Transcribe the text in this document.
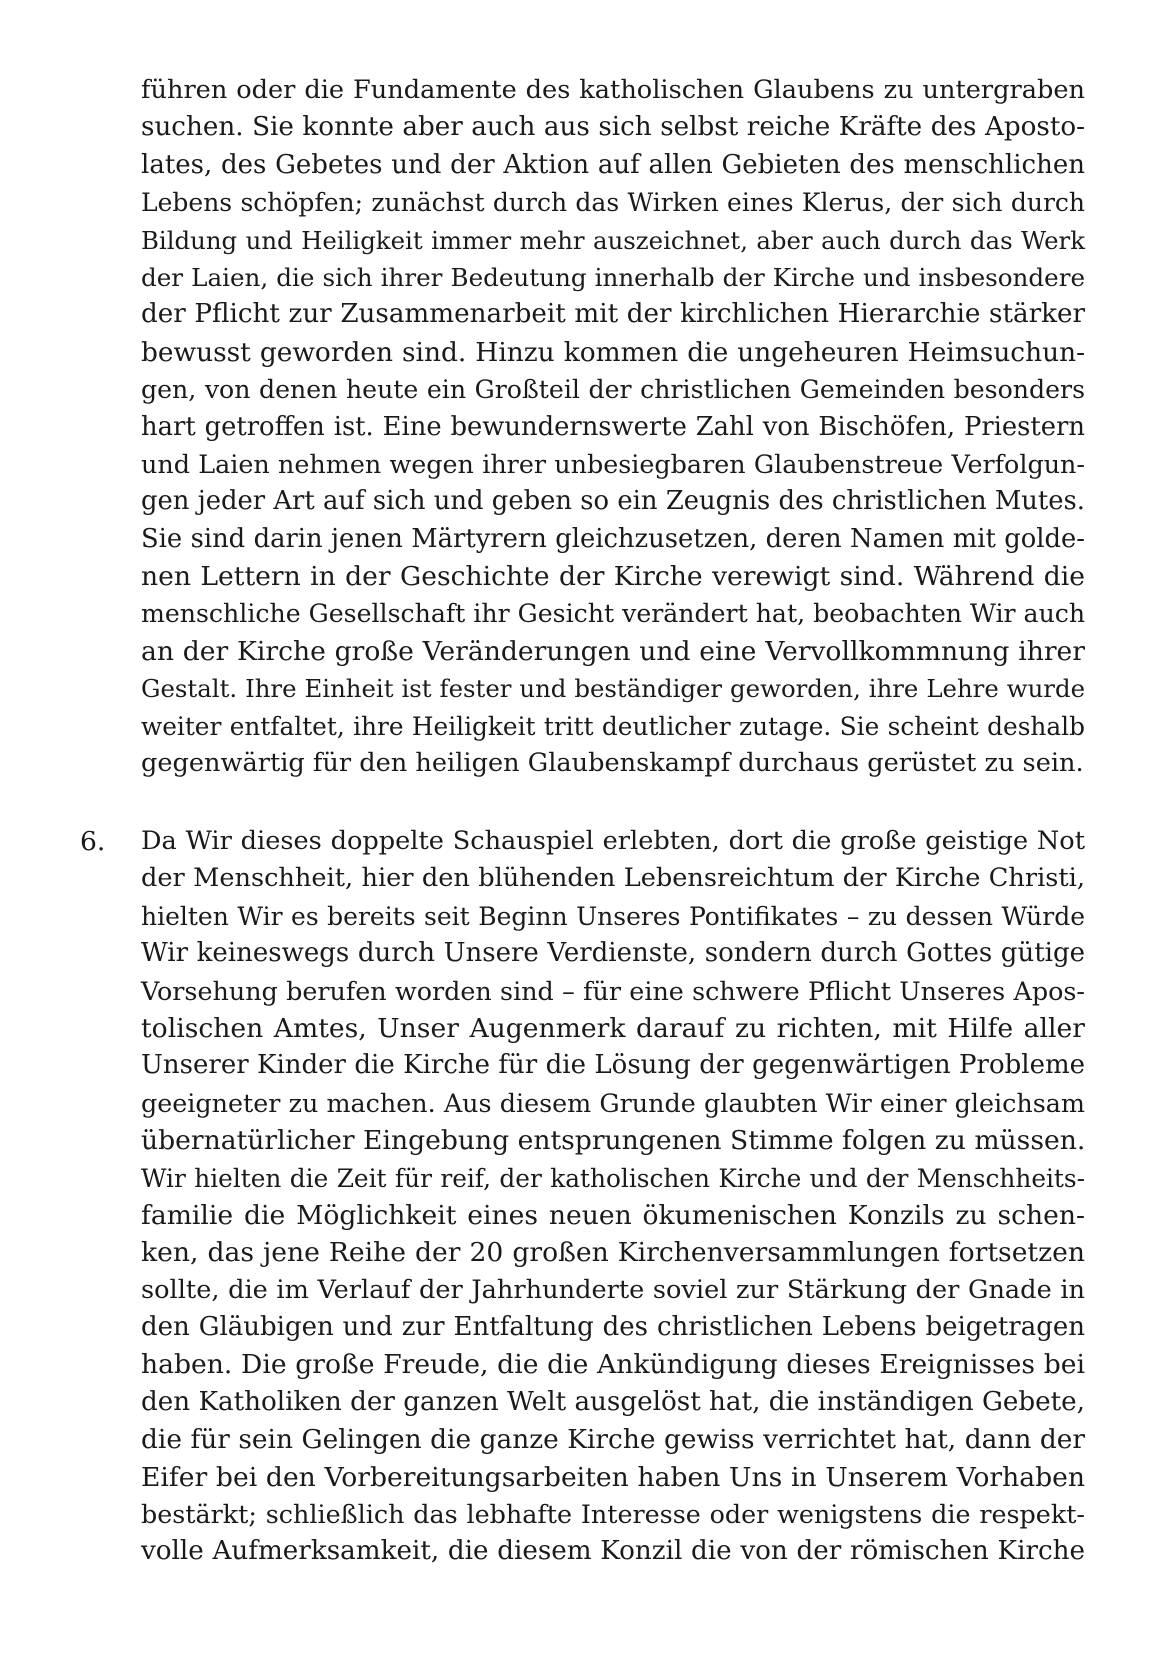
führen oder die Fundamente des katholischen Glaubens zu untergraben
suchen. Sie konnte aber auch aus sich selbst reiche Kräfte des Aposto-
lates, des Gebetes und der Aktion auf allen Gebieten des menschlichen
Lebens schöpfen; zunächst durch das Wirken eines Klerus, der sich durch
Bildung und Heiligkeit immer mehr auszeichnet, aber auch durch das Werk
der Laien, die sich ihrer Bedeutung innerhalb der Kirche und insbesondere
der Pflicht zur Zusammenarbeit mit der kirchlichen Hierarchie stärker
bewusst geworden sind. Hinzu kommen die ungeheuren Heimsuchun-
gen, von denen heute ein Großteil der christlichen Gemeinden besonders
hart getroffen ist. Eine bewundernswerte Zahl von Bischöfen, Priestern
und Laien nehmen wegen ihrer unbesiegbaren Glaubenstreue Verfolgun-
gen jeder Art auf sich und geben so ein Zeugnis des christlichen Mutes.
Sie sind darin jenen Märtyrern gleichzusetzen, deren Namen mit golde-
nen Lettern in der Geschichte der Kirche verewigt sind. Während die
menschliche Gesellschaft ihr Gesicht verändert hat, beobachten Wir auch
an der Kirche große Veränderungen und eine Vervollkommnung ihrer
Gestalt. Ihre Einheit ist fester und beständiger geworden, ihre Lehre wurde
weiter entfaltet, ihre Heiligkeit tritt deutlicher zutage. Sie scheint deshalb
gegenwärtig für den heiligen Glaubenskampf durchaus gerüstet zu sein.
6. Da Wir dieses doppelte Schauspiel erlebten, dort die große geistige Not
der Menschheit, hier den blühenden Lebensreichtum der Kirche Christi,
hielten Wir es bereits seit Beginn Unseres Pontifikates – zu dessen Würde
Wir keineswegs durch Unsere Verdienste, sondern durch Gottes gütige
Vorsehung berufen worden sind – für eine schwere Pflicht Unseres Apos-
tolischen Amtes, Unser Augenmerk darauf zu richten, mit Hilfe aller
Unserer Kinder die Kirche für die Lösung der gegenwärtigen Probleme
geeigneter zu machen. Aus diesem Grunde glaubten Wir einer gleichsam
übernatürlicher Eingebung entsprungenen Stimme folgen zu müssen.
Wir hielten die Zeit für reif, der katholischen Kirche und der Menschheits-
familie die Möglichkeit eines neuen ökumenischen Konzils zu schen-
ken, das jene Reihe der 20 großen Kirchenversammlungen fortsetzen
sollte, die im Verlauf der Jahrhunderte soviel zur Stärkung der Gnade in
den Gläubigen und zur Entfaltung des christlichen Lebens beigetragen
haben. Die große Freude, die die Ankündigung dieses Ereignisses bei
den Katholiken der ganzen Welt ausgelöst hat, die inständigen Gebete,
die für sein Gelingen die ganze Kirche gewiss verrichtet hat, dann der
Eifer bei den Vorbereitungsarbeiten haben Uns in Unserem Vorhaben
bestärkt; schließlich das lebhafte Interesse oder wenigstens die respekt-
volle Aufmerksamkeit, die diesem Konzil die von der römischen Kirche
